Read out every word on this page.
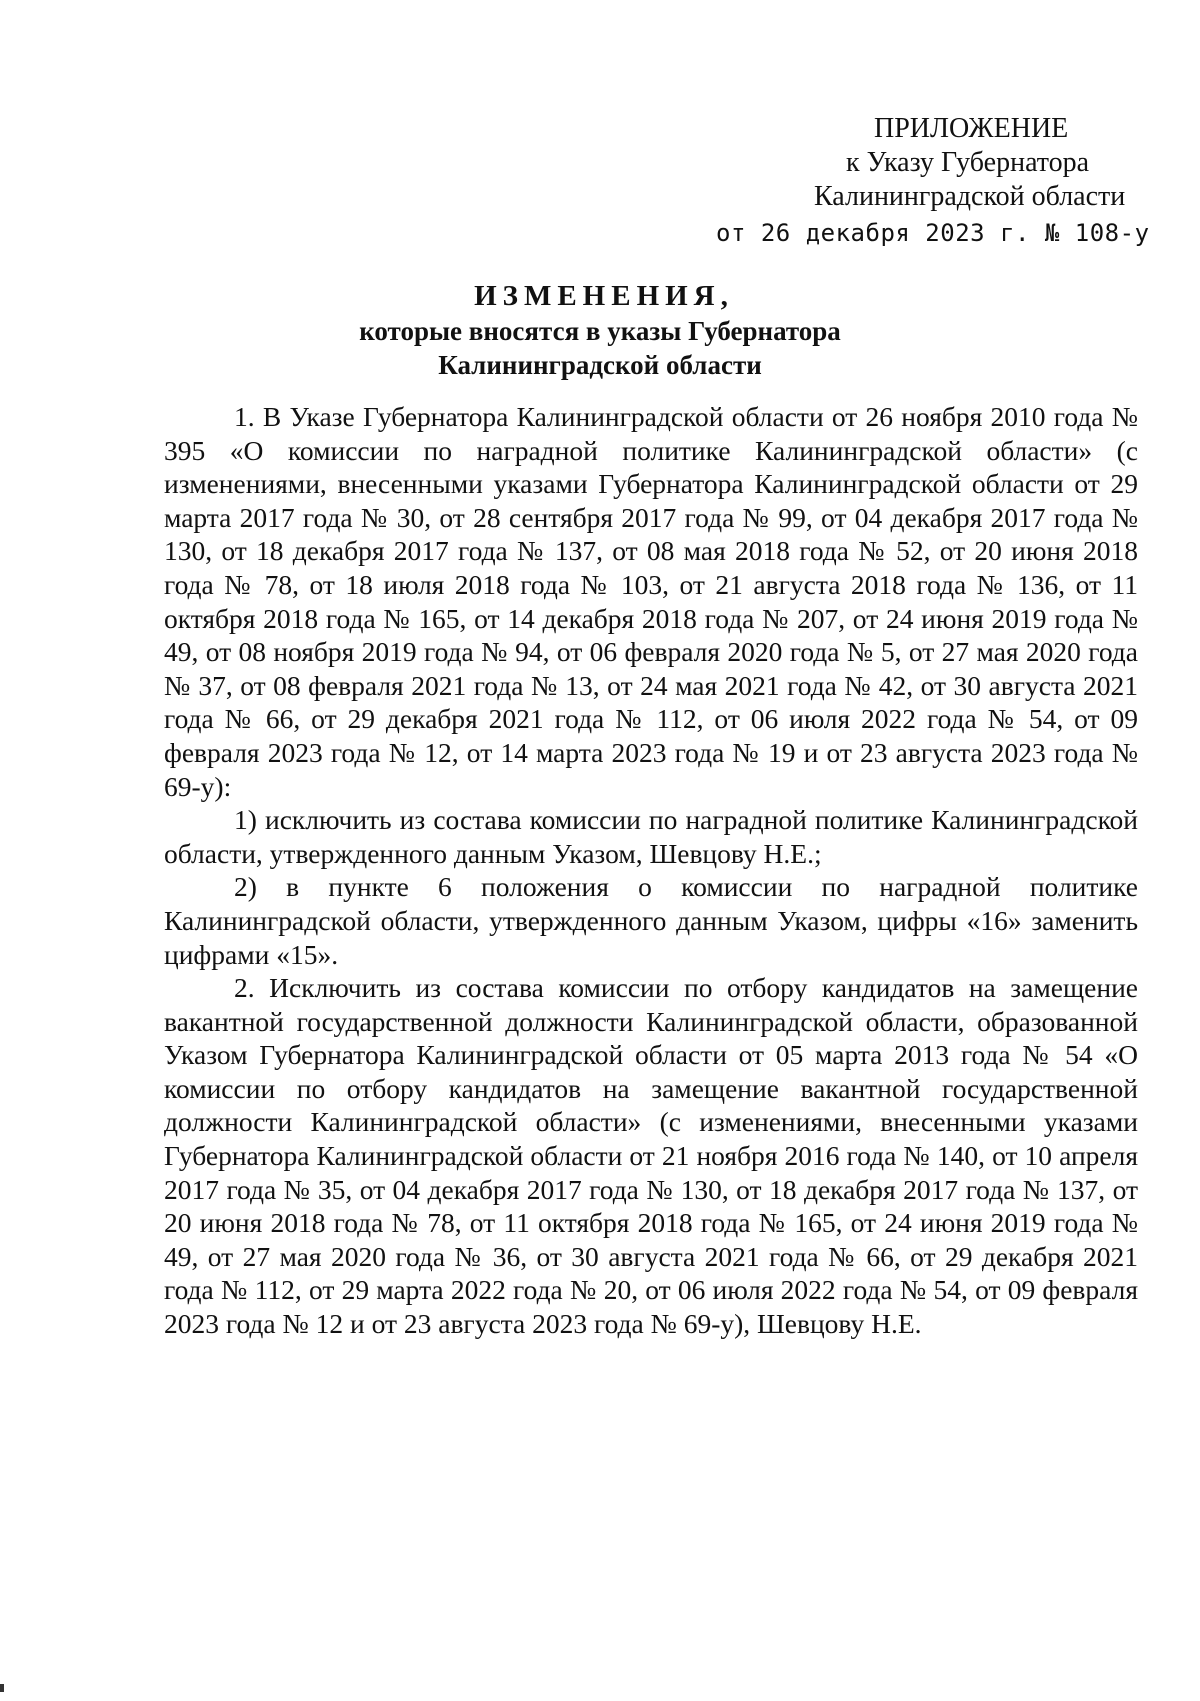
ПРИЛОЖЕНИЕ
к Указу Губернатора
Калининградской области
от 26 декабря 2023 г. № 108-у
ИЗМЕНЕНИЯ,
которые вносятся в указы Губернатора
Калининградской области

1. В Указе Губернатора Калининградской области от 26 ноября 2010 года № 395 «О комиссии по наградной политике Калининградской области» (с изменениями, внесенными указами Губернатора Калининградской области от 29 марта 2017 года № 30, от 28 сентября 2017 года № 99, от 04 декабря 2017 года № 130, от 18 декабря 2017 года № 137, от 08 мая 2018 года № 52, от 20 июня 2018 года № 78, от 18 июля 2018 года № 103, от 21 августа 2018 года № 136, от 11 октября 2018 года № 165, от 14 декабря 2018 года № 207, от 24 июня 2019 года № 49, от 08 ноября 2019 года № 94, от 06 февраля 2020 года № 5, от 27 мая 2020 года № 37, от 08 февраля 2021 года № 13, от 24 мая 2021 года № 42, от 30 августа 2021 года № 66, от 29 декабря 2021 года № 112, от 06 июля 2022 года № 54, от 09 февраля 2023 года № 12, от 14 марта 2023 года № 19 и от 23 августа 2023 года № 69-у):

1) исключить из состава комиссии по наградной политике Калининградской области, утвержденного данным Указом, Шевцову Н.Е.;

2) в пункте 6 положения о комиссии по наградной политике Калининградской области, утвержденного данным Указом, цифры «16» заменить цифрами «15».

2. Исключить из состава комиссии по отбору кандидатов на замещение вакантной государственной должности Калининградской области, образованной Указом Губернатора Калининградской области от 05 марта 2013 года № 54 «О комиссии по отбору кандидатов на замещение вакантной государственной должности Калининградской области» (с изменениями, внесенными указами Губернатора Калининградской области от 21 ноября 2016 года № 140, от 10 апреля 2017 года № 35, от 04 декабря 2017 года № 130, от 18 декабря 2017 года № 137, от 20 июня 2018 года № 78, от 11 октября 2018 года № 165, от 24 июня 2019 года № 49, от 27 мая 2020 года № 36, от 30 августа 2021 года № 66, от 29 декабря 2021 года № 112, от 29 марта 2022 года № 20, от 06 июля 2022 года № 54, от 09 февраля 2023 года № 12 и от 23 августа 2023 года № 69-у), Шевцову Н.Е.
